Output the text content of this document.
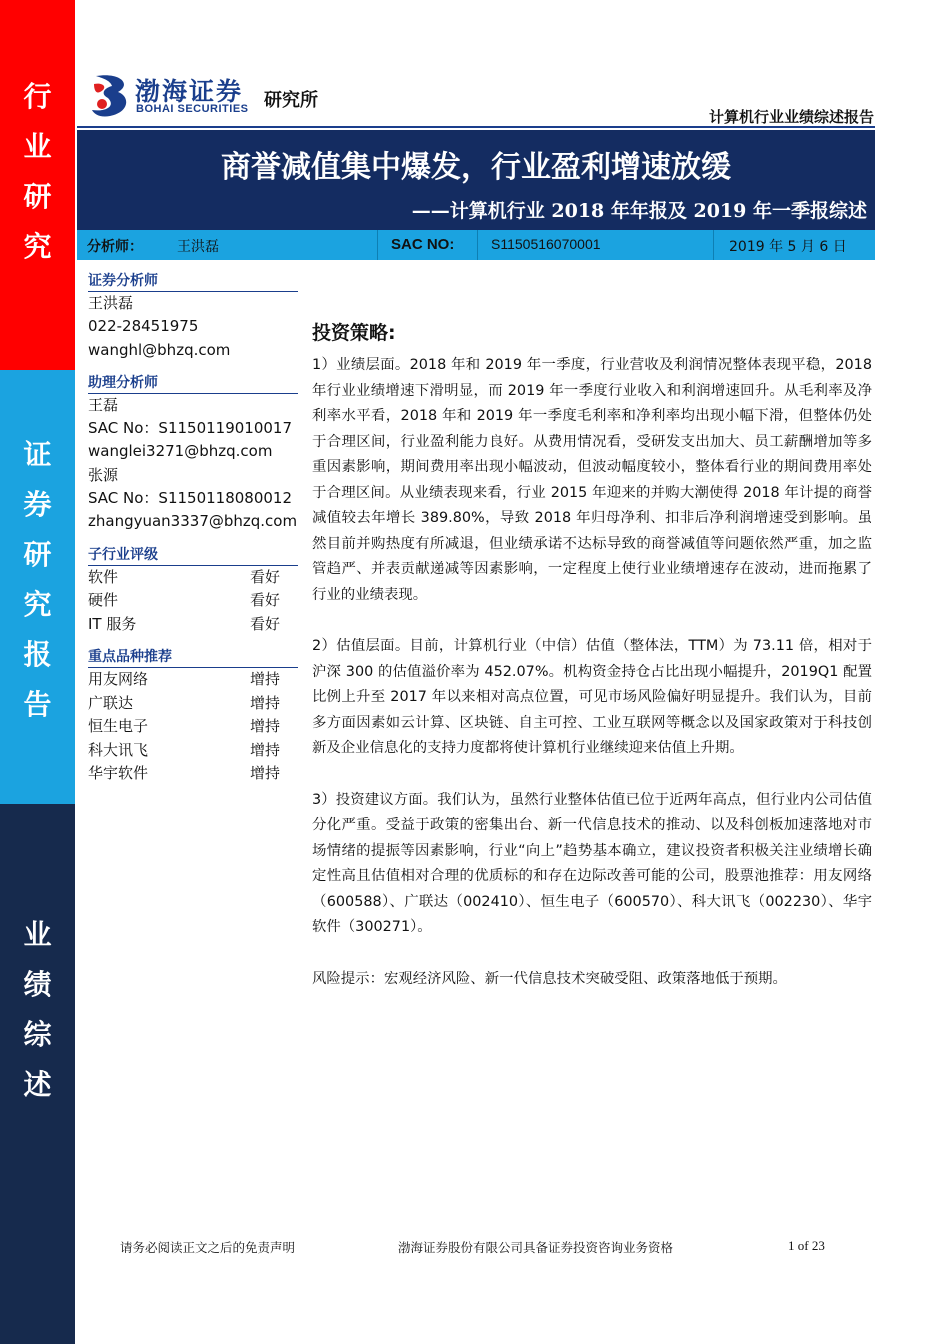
行
业
研
究
证
券
研
究
报
告
业
绩
综
述
渤海证券
BOHAI SECURITIES 研究所
计算机行业业绩综述报告
商誉减值集中爆发，行业盈利增速放缓
——计算机行业 2018 年年报及 2019 年一季报综述
分析师： 王洪磊	SAC NO:	S1150516070001	2019 年 5 月 6 日
证券分析师
王洪磊
022-28451975
wanghl@bhzq.com
助理分析师
王磊
SAC No：S1150119010017
wanglei3271@bhzq.com
张源
SAC No：S1150118080012
zhangyuan3337@bhzq.com
子行业评级
软件	看好
硬件	看好
IT 服务	看好
重点品种推荐
用友网络	增持
广联达	增持
恒生电子	增持
科大讯飞	增持
华宇软件	增持
投资策略:

1）业绩层面。2018 年和 2019 年一季度，行业营收及利润情况整体表现平稳，2018 年行业业绩增速下滑明显，而 2019 年一季度行业收入和利润增速回升。从毛利率及净利率水平看，2018 年和 2019 年一季度毛利率和净利率均出现小幅下滑，但整体仍处于合理区间，行业盈利能力良好。从费用情况看，受研发支出加大、员工薪酬增加等多重因素影响，期间费用率出现小幅波动，但波动幅度较小，整体看行业的期间费用率处于合理区间。从业绩表现来看，行业 2015 年迎来的并购大潮使得 2018 年计提的商誉减值较去年增长 389.80%，导致 2018 年归母净利、扣非后净利润增速受到影响。虽然目前并购热度有所减退，但业绩承诺不达标导致的商誉减值等问题依然严重，加之监管趋严、并表贡献递减等因素影响，一定程度上使行业业绩增速存在波动，进而拖累了行业的业绩表现。

2）估值层面。目前，计算机行业（中信）估值（整体法，TTM）为 73.11 倍，相对于沪深 300 的估值溢价率为 452.07%。机构资金持仓占比出现小幅提升，2019Q1 配置比例上升至 2017 年以来相对高点位置，可见市场风险偏好明显提升。我们认为，目前多方面因素如云计算、区块链、自主可控、工业互联网等概念以及国家政策对于科技创新及企业信息化的支持力度都将使计算机行业继续迎来估值上升期。

3）投资建议方面。我们认为，虽然行业整体估值已位于近两年高点，但行业内公司估值分化严重。受益于政策的密集出台、新一代信息技术的推动、以及科创板加速落地对市场情绪的提振等因素影响，行业“向上”趋势基本确立，建议投资者积极关注业绩增长确定性高且估值相对合理的优质标的和存在边际改善可能的公司，股票池推荐：用友网络（600588）、广联达（002410）、恒生电子（600570）、科大讯飞（002230）、华宇软件（300271）。

风险提示：宏观经济风险、新一代信息技术突破受阻、政策落地低于预期。

请务必阅读正文之后的免责声明	渤海证券股份有限公司具备证券投资咨询业务资格	1 of 23
